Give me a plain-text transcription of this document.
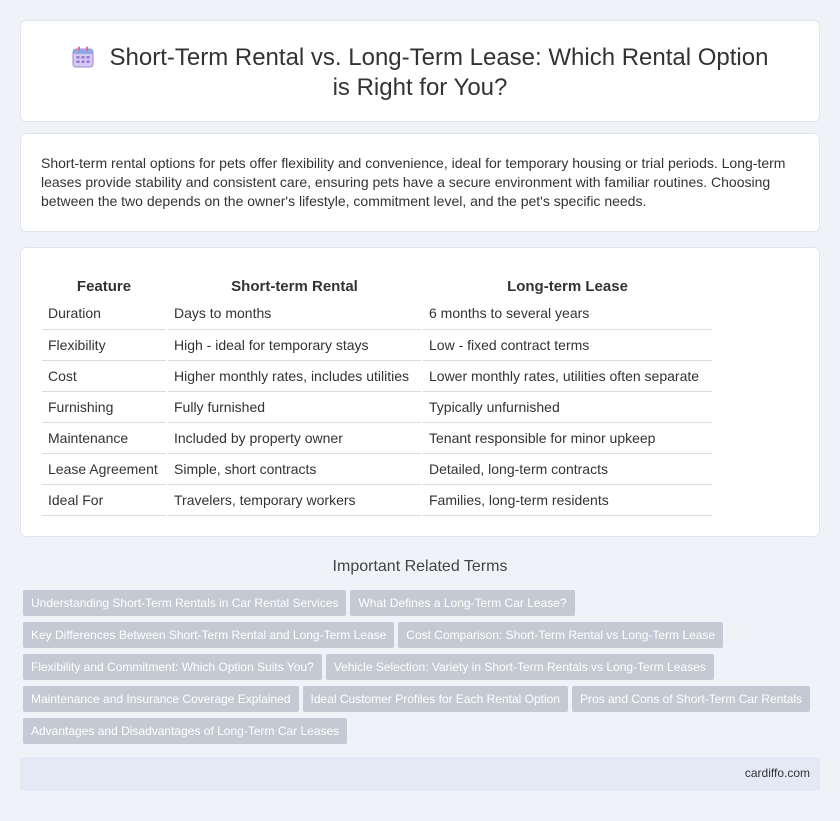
Short-Term Rental vs. Long-Term Lease: Which Rental Option is Right for You?

Short-term rental options for pets offer flexibility and convenience, ideal for temporary housing or trial periods. Long-term leases provide stability and consistent care, ensuring pets have a secure environment with familiar routines. Choosing between the two depends on the owner's lifestyle, commitment level, and the pet's specific needs.

Feature	Short-term Rental	Long-term Lease
Duration	Days to months	6 months to several years
Flexibility	High - ideal for temporary stays	Low - fixed contract terms
Cost	Higher monthly rates, includes utilities	Lower monthly rates, utilities often separate
Furnishing	Fully furnished	Typically unfurnished
Maintenance	Included by property owner	Tenant responsible for minor upkeep
Lease Agreement	Simple, short contracts	Detailed, long-term contracts
Ideal For	Travelers, temporary workers	Families, long-term residents
Important Related Terms
Understanding Short-Term Rentals in Car Rental Services What Defines a Long-Term Car Lease?
Key Differences Between Short-Term Rental and Long-Term Lease Cost Comparison: Short-Term Rental vs Long-Term Lease
Flexibility and Commitment: Which Option Suits You? Vehicle Selection: Variety in Short-Term Rentals vs Long-Term Leases
Maintenance and Insurance Coverage Explained Ideal Customer Profiles for Each Rental Option Pros and Cons of Short-Term Car Rentals
Advantages and Disadvantages of Long-Term Car Leases
cardiffo.com
